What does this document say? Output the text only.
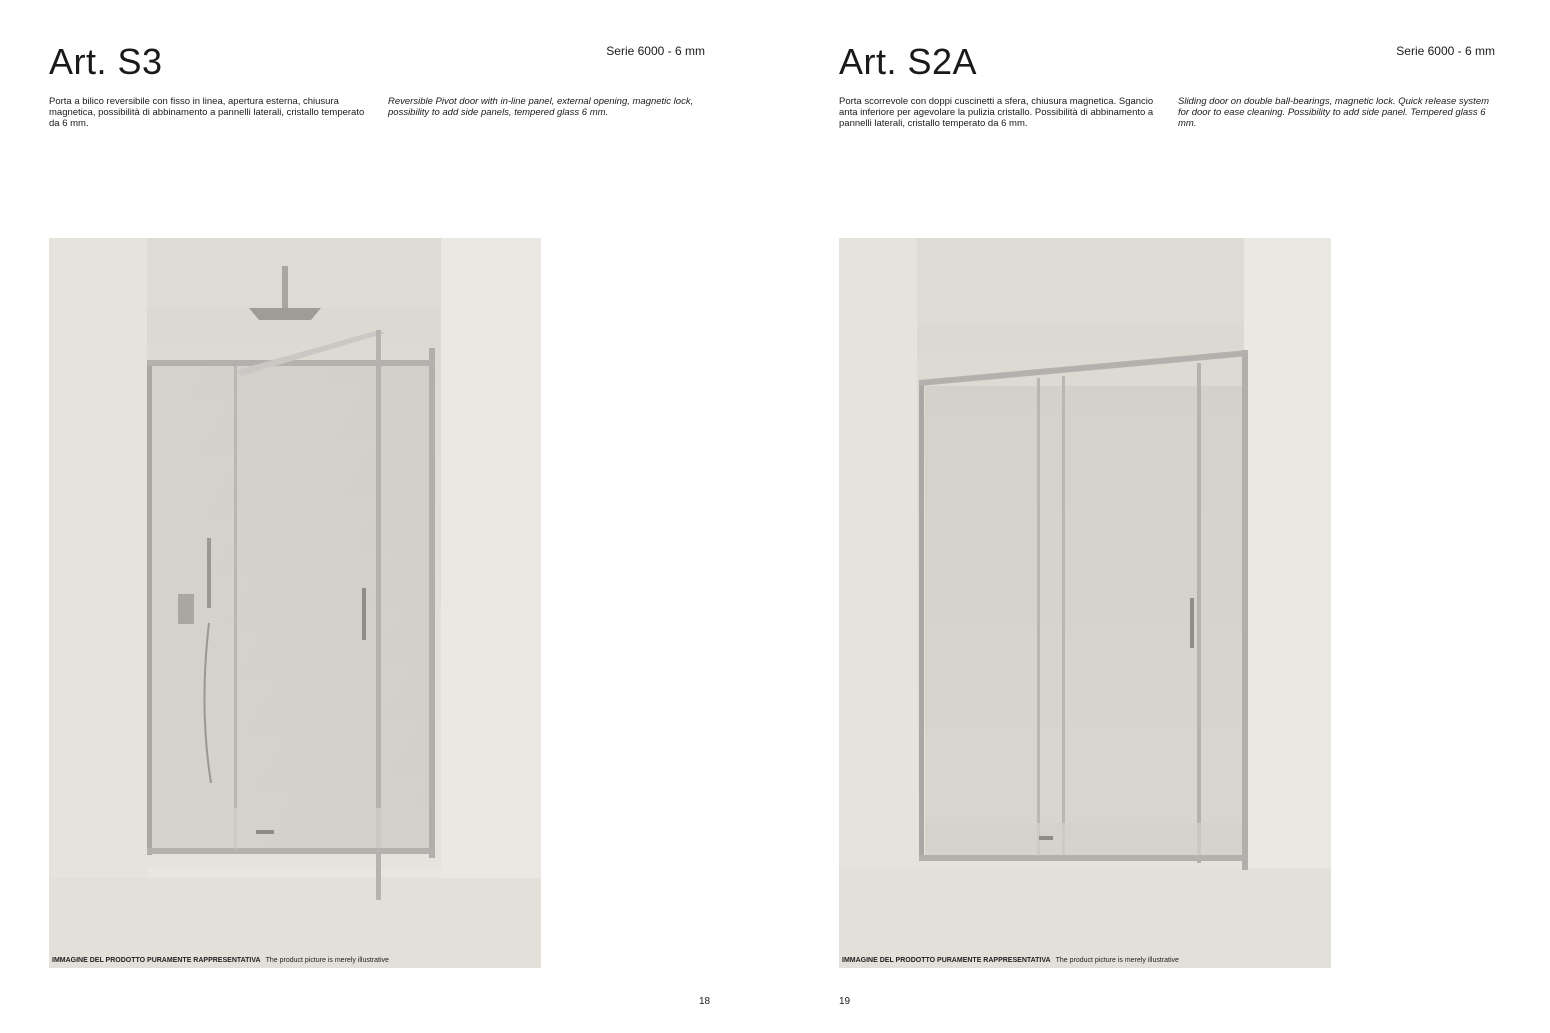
Art. S3	Serie 6000 - 6 mm

Porta a bilico reversibile con fisso in linea, apertura esterna, chiusura magnetica, possibilità di abbinamento a pannelli laterali, cristallo temperato da 6 mm.

Reversible Pivot door with in-line panel, external opening, magnetic lock, possibility to add side panels, tempered glass 6 mm.

IMMAGINE DEL PRODOTTO PURAMENTE RAPPRESENTATIVA The product picture is merely illustrative
18
Art. S2A	Serie 6000 - 6 mm

Porta scorrevole con doppi cuscinetti a sfera, chiusura magnetica. Sgancio anta inferiore per agevolare la pulizia cristallo. Possibilità di abbinamento a pannelli laterali, cristallo temperato da 6 mm.

Sliding door on double ball-bearings, magnetic lock. Quick release system for door to ease cleaning. Possibility to add side panel. Tempered glass 6 mm.

IMMAGINE DEL PRODOTTO PURAMENTE RAPPRESENTATIVA The product picture is merely illustrative
19
